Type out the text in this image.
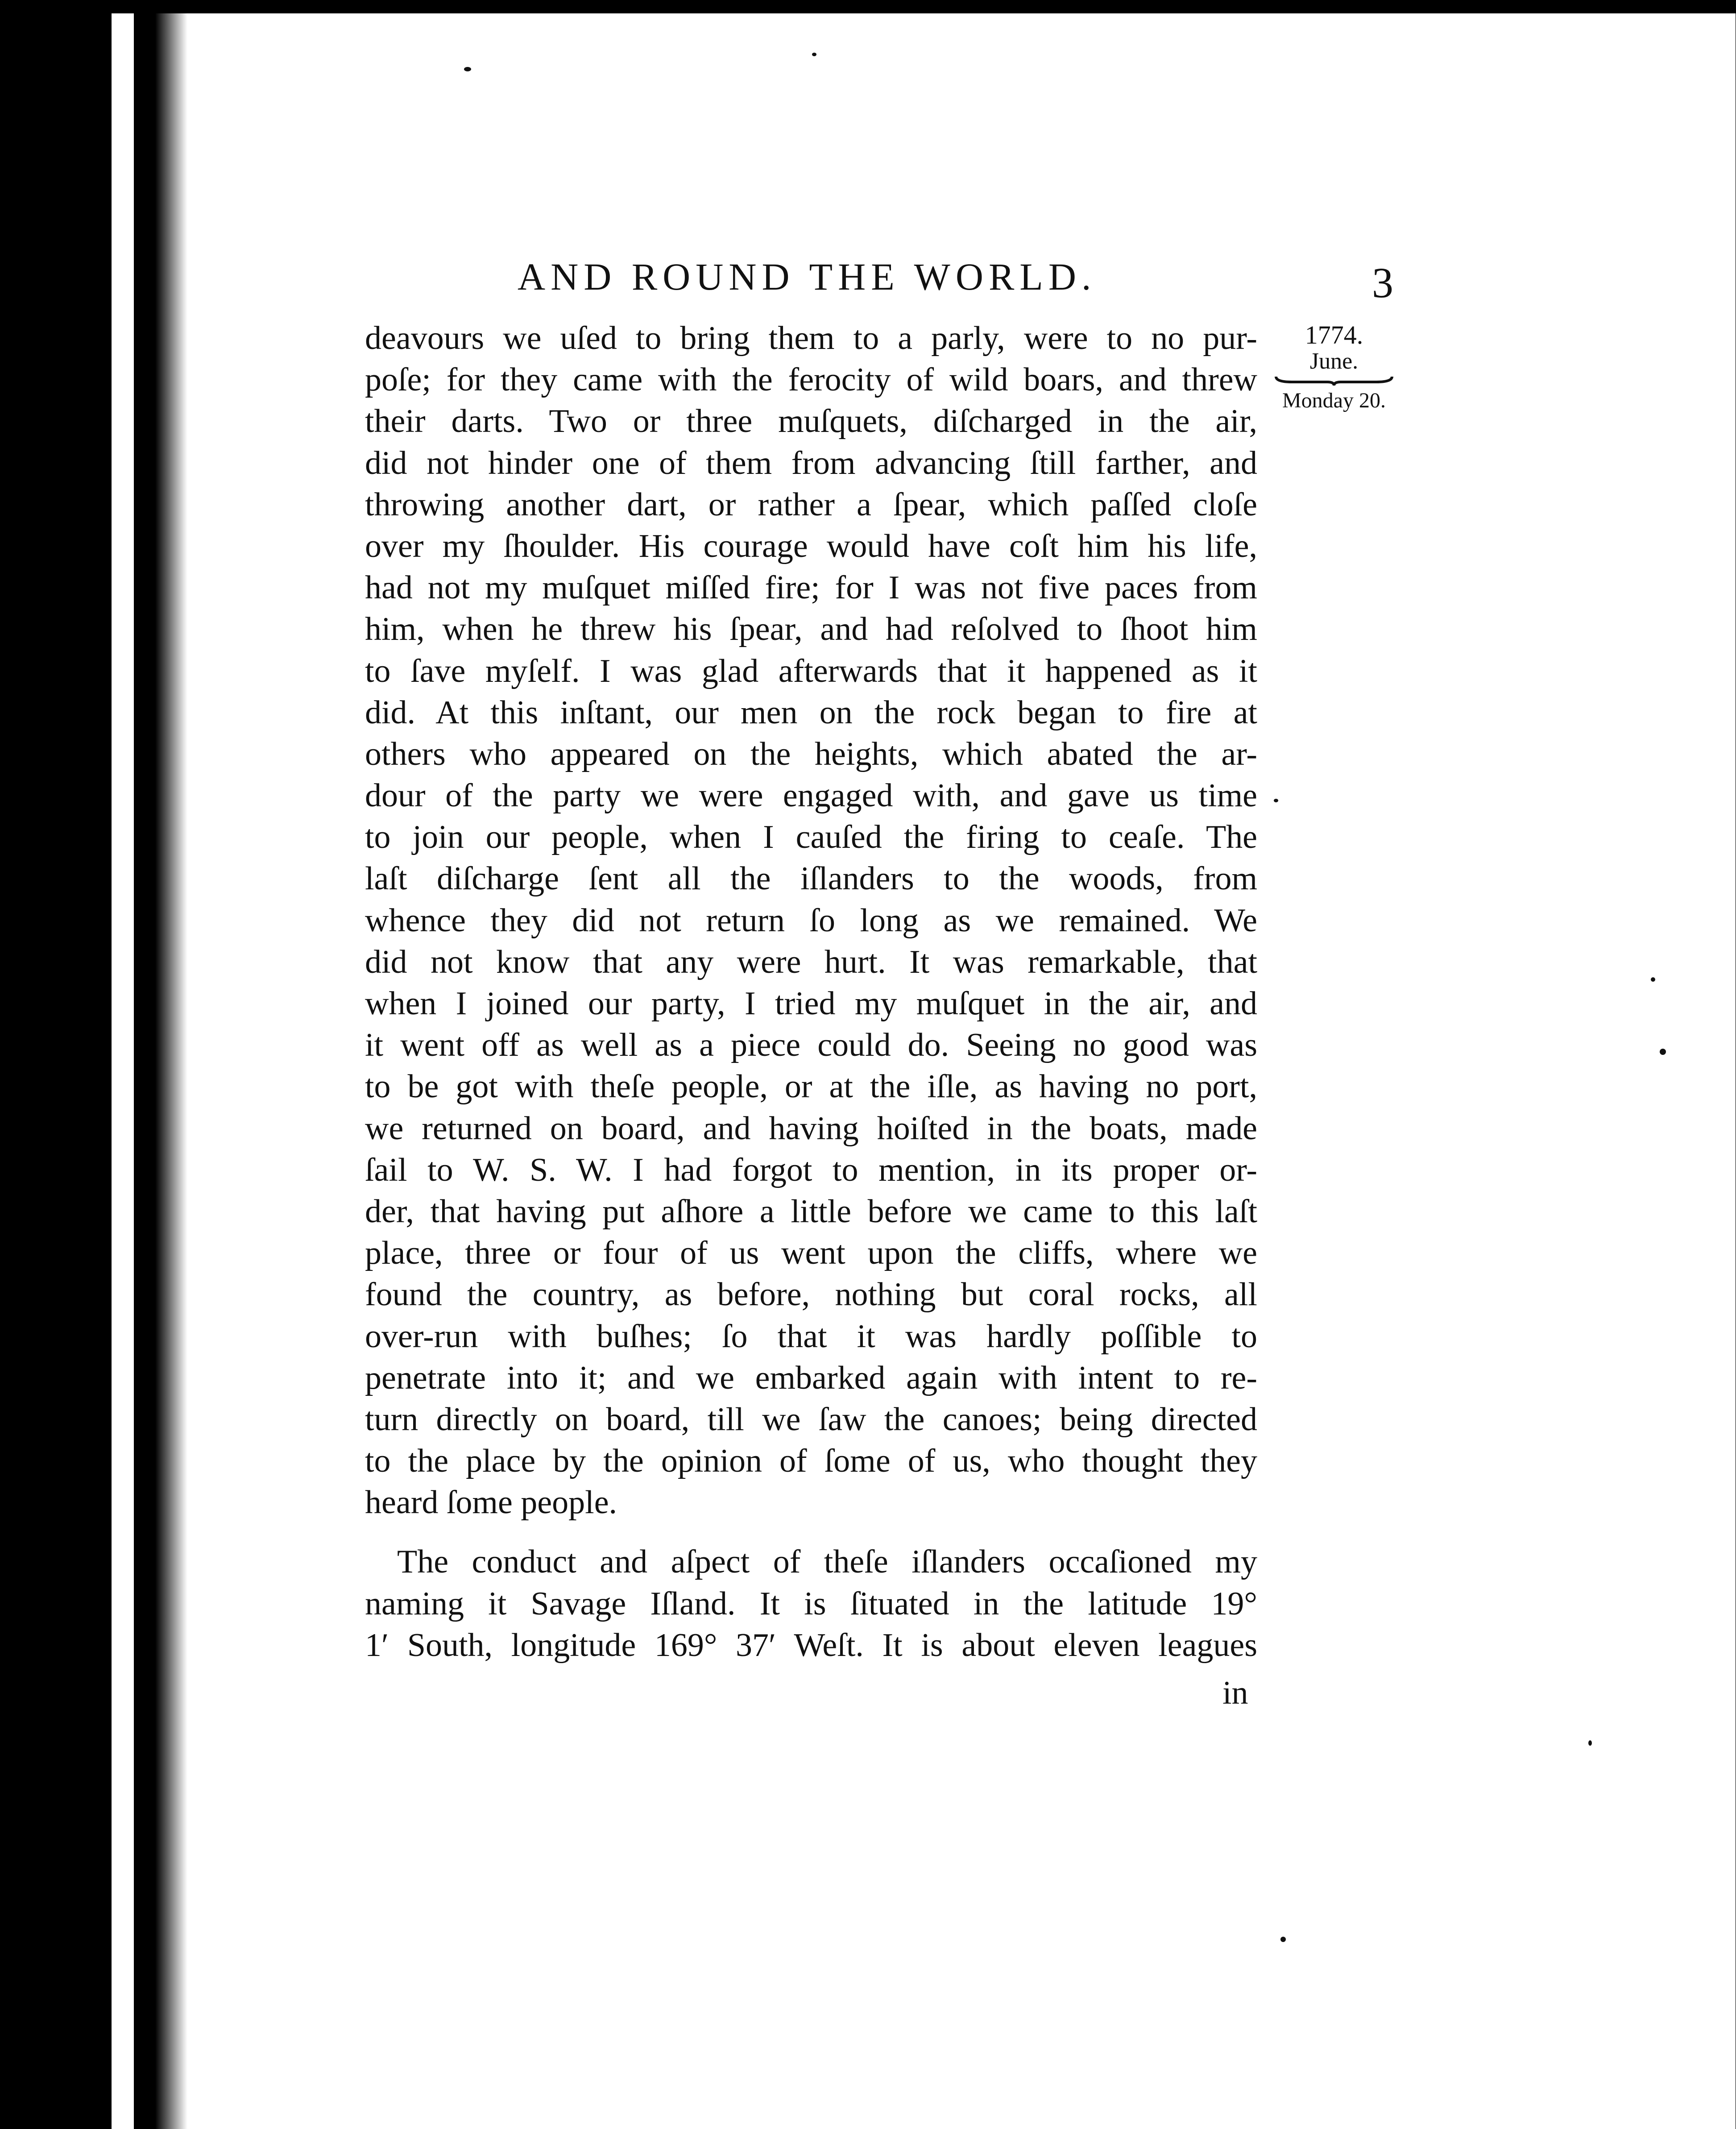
AND ROUND THE WORLD.	3
1774.
June.
Monday 20.
deavours we uſed to bring them to a parly, were to no pur-
poſe; for they came with the ferocity of wild boars, and threw
their darts. Two or three muſquets, diſcharged in the air,
did not hinder one of them from advancing ſtill farther, and
throwing another dart, or rather a ſpear, which paſſed cloſe
over my ſhoulder. His courage would have coſt him his life,
had not my muſquet miſſed fire; for I was not five paces from
him, when he threw his ſpear, and had reſolved to ſhoot him
to ſave myſelf. I was glad afterwards that it happened as it
did. At this inſtant, our men on the rock began to fire at
others who appeared on the heights, which abated the ar-
dour of the party we were engaged with, and gave us time
to join our people, when I cauſed the firing to ceaſe. The
laſt diſcharge ſent all the iſlanders to the woods, from
whence they did not return ſo long as we remained. We
did not know that any were hurt. It was remarkable, that
when I joined our party, I tried my muſquet in the air, and
it went off as well as a piece could do. Seeing no good was
to be got with theſe people, or at the iſle, as having no port,
we returned on board, and having hoiſted in the boats, made
ſail to W. S. W. I had forgot to mention, in its proper or-
der, that having put aſhore a little before we came to this laſt
place, three or four of us went upon the cliffs, where we
found the country, as before, nothing but coral rocks, all
over-run with buſhes; ſo that it was hardly poſſible to
penetrate into it; and we embarked again with intent to re-
turn directly on board, till we ſaw the canoes; being directed
to the place by the opinion of ſome of us, who thought they
heard ſome people.
The conduct and aſpect of theſe iſlanders occaſioned my
naming it Savage Iſland. It is ſituated in the latitude 19°
1′ South, longitude 169° 37′ Weſt. It is about eleven leagues
in
